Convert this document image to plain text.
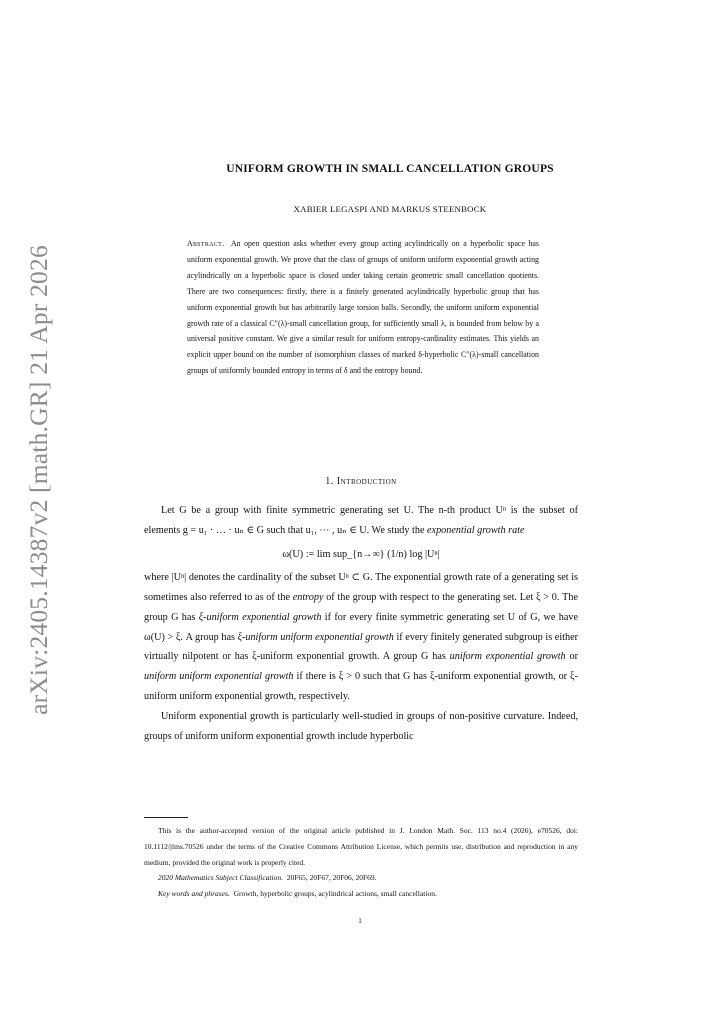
arXiv:2405.14387v2 [math.GR] 21 Apr 2026
UNIFORM GROWTH IN SMALL CANCELLATION GROUPS
XABIER LEGASPI AND MARKUS STEENBOCK

Abstract. An open question asks whether every group acting acylindrically on a hyperbolic space has uniform exponential growth. We prove that the class of groups of uniform uniform exponential growth acting acylindrically on a hyperbolic space is closed under taking certain geometric small cancellation quotients. There are two consequences: firstly, there is a finitely generated acylindrically hyperbolic group that has uniform exponential growth but has arbitrarily large torsion balls. Secondly, the uniform uniform exponential growth rate of a classical C″(λ)-small cancellation group, for sufficiently small λ, is bounded from below by a universal positive constant. We give a similar result for uniform entropy-cardinality estimates. This yields an explicit upper bound on the number of isomorphism classes of marked δ-hyperbolic C″(λ)-small cancellation groups of uniformly bounded entropy in terms of δ and the entropy bound.

1. Introduction

Let G be a group with finite symmetric generating set U. The n-th product Uⁿ is the subset of elements g = u₁ · … · uₙ ∈ G such that u₁, ⋯ , uₙ ∈ U. We study the exponential growth rate

ω(U) := lim sup_{n→∞} (1/n) log |Uⁿ|

where |Uⁿ| denotes the cardinality of the subset Uⁿ ⊂ G. The exponential growth rate of a generating set is sometimes also referred to as of the entropy of the group with respect to the generating set. Let ξ > 0. The group G has ξ-uniform exponential growth if for every finite symmetric generating set U of G, we have ω(U) > ξ. A group has ξ-uniform uniform exponential growth if every finitely generated subgroup is either virtually nilpotent or has ξ-uniform exponential growth. A group G has uniform exponential growth or uniform uniform exponential growth if there is ξ > 0 such that G has ξ-uniform exponential growth, or ξ-uniform uniform exponential growth, respectively.

Uniform exponential growth is particularly well-studied in groups of non-positive curvature. Indeed, groups of uniform uniform exponential growth include hyperbolic

This is the author-accepted version of the original article published in J. London Math. Soc. 113 no.4 (2026), e70526, doi: 10.1112/jlms.70526 under the terms of the Creative Commons Attribution License, which permits use, distribution and reproduction in any medium, provided the original work is properly cited.

2020 Mathematics Subject Classification. 20F65, 20F67, 20F06, 20F69.

Key words and phrases. Growth, hyperbolic groups, acylindrical actions, small cancellation.

1
